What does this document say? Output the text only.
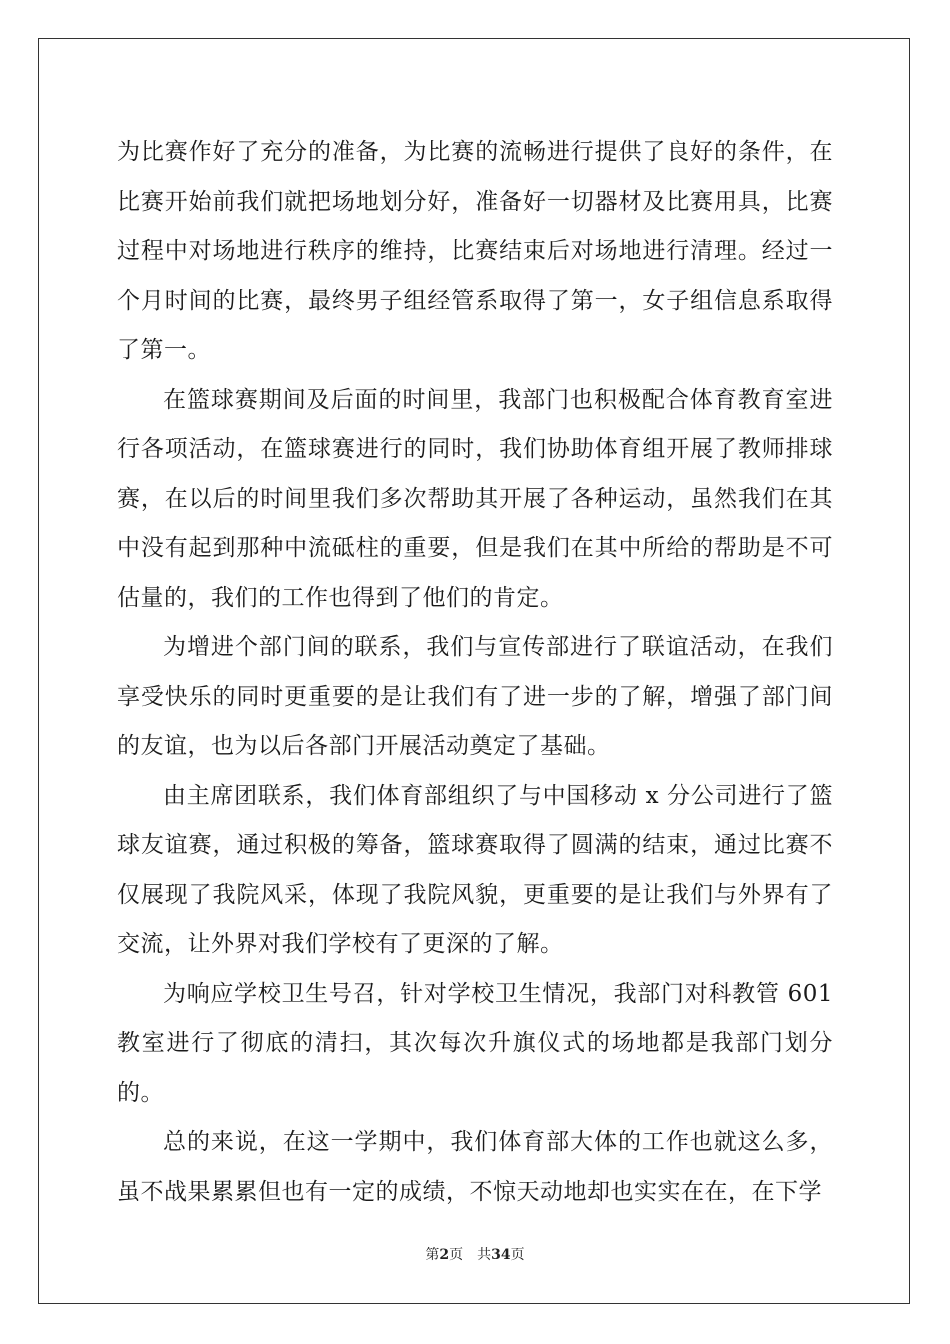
为比赛作好了充分的准备，为比赛的流畅进行提供了良好的条件，在比赛开始前我们就把场地划分好，准备好一切器材及比赛用具，比赛过程中对场地进行秩序的维持，比赛结束后对场地进行清理。经过一个月时间的比赛，最终男子组经管系取得了第一，女子组信息系取得了第一。

在篮球赛期间及后面的时间里，我部门也积极配合体育教育室进行各项活动，在篮球赛进行的同时，我们协助体育组开展了教师排球赛，在以后的时间里我们多次帮助其开展了各种运动，虽然我们在其中没有起到那种中流砥柱的重要，但是我们在其中所给的帮助是不可估量的，我们的工作也得到了他们的肯定。

为增进个部门间的联系，我们与宣传部进行了联谊活动，在我们享受快乐的同时更重要的是让我们有了进一步的了解，增强了部门间的友谊，也为以后各部门开展活动奠定了基础。

由主席团联系，我们体育部组织了与中国移动 x 分公司进行了篮球友谊赛，通过积极的筹备，篮球赛取得了圆满的结束，通过比赛不仅展现了我院风采，体现了我院风貌，更重要的是让我们与外界有了交流，让外界对我们学校有了更深的了解。

为响应学校卫生号召，针对学校卫生情况，我部门对科教管 601 教室进行了彻底的清扫，其次每次升旗仪式的场地都是我部门划分的。

总的来说，在这一学期中，我们体育部大体的工作也就这么多，虽不战果累累但也有一定的成绩，不惊天动地却也实实在在，在下学

第2页 共34页
